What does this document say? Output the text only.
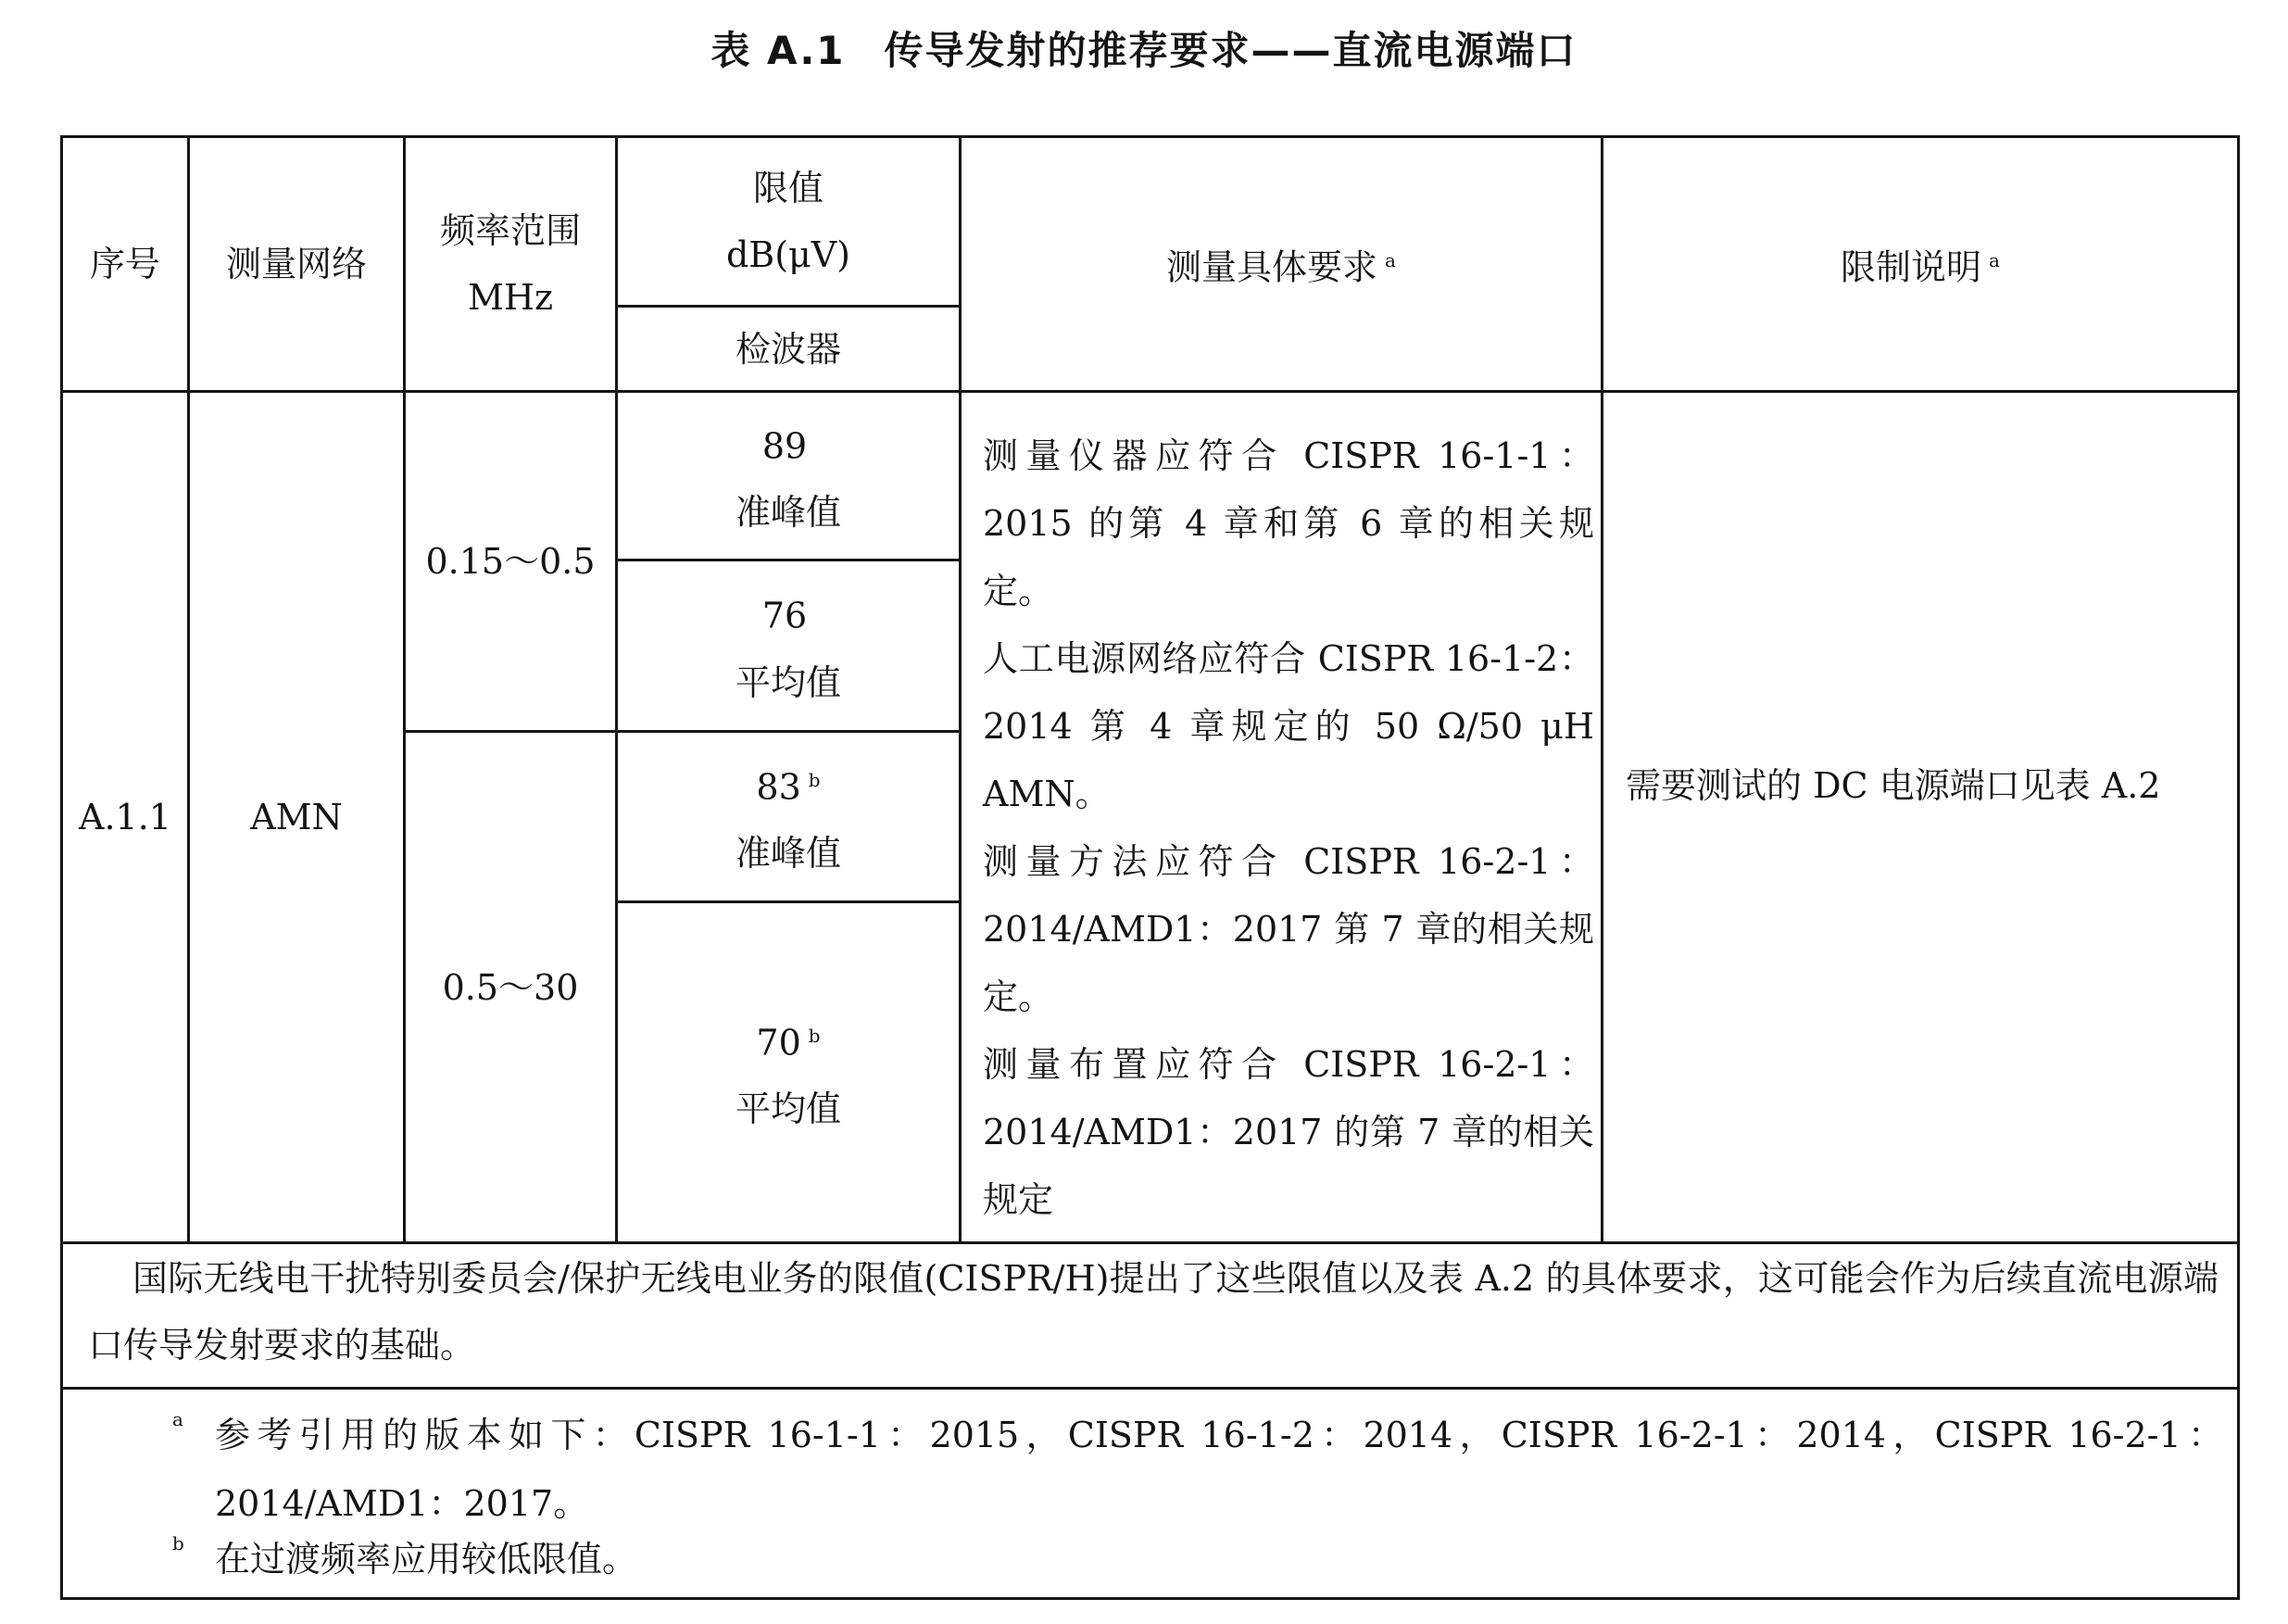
表 A.1 传导发射的推荐要求——直流电源端口
序号 测量网络
频率范围
MHz
限值
dB(μV)
检波器
测量具体要求 $^a$	限制说明 $^a$
A.1.1 AMN
0.15～0.5
0.5～30
89
准峰值
76
平均值
83 $^b$
准峰值
70 $^b$
平均值

测量仪器应符合 CISPR 16-1-1：2015 的第 4 章和第 6 章的相关规定。

人工电源网络应符合 CISPR 16-1-2：2014 第 4 章规定的 50 Ω/50 μH AMN。

测量方法应符合 CISPR 16-2-1：2014/AMD1：2017 第 7 章的相关规定。

测量布置应符合 CISPR 16-2-1：2014/AMD1：2017 的第 7 章的相关规定

需要测试的 DC 电源端口见表 A.2
国际无线电干扰特别委员会/保护无线电业务的限值(CISPR/H)提出了这些限值以及表 A.2 的具体要求，这可能会作为后续直流电源端口传导发射要求的基础。
a 参考引用的版本如下：CISPR 16-1-1：2015，CISPR 16-1-2：2014，CISPR 16-2-1：2014，CISPR 16-2-1：2014/AMD1：2017。
b 在过渡频率应用较低限值。
